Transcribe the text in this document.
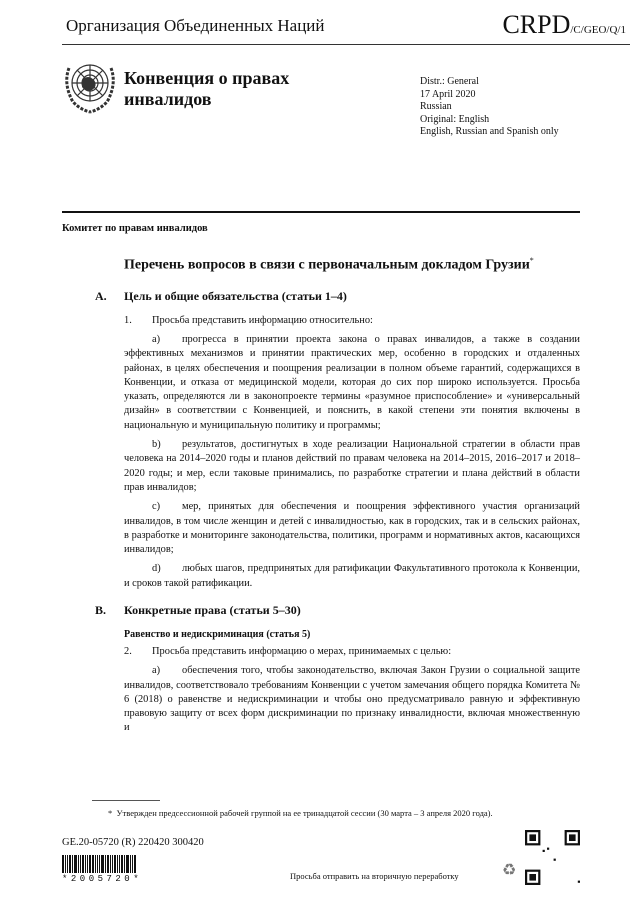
Организация Объединенных Наций	CRPD/C/GEO/Q/1
Конвенция о правах инвалидов
Distr.: General
17 April 2020
Russian
Original: English
English, Russian and Spanish only
Комитет по правам инвалидов
Перечень вопросов в связи с первоначальным докладом Грузии*
A. Цель и общие обязательства (статьи 1–4)
1. Просьба представить информацию относительно:
a) прогресса в принятии проекта закона о правах инвалидов, а также в создании эффективных механизмов и принятии практических мер, особенно в городских и отдаленных районах, в целях обеспечения и поощрения реализации в полном объеме гарантий, содержащихся в Конвенции, и отказа от медицинской модели, которая до сих пор широко используется. Просьба указать, определяются ли в законопроекте термины «разумное приспособление» и «универсальный дизайн» в соответствии с Конвенцией, и пояснить, в какой степени эти понятия включены в национальную и муниципальную политику и программы;
b) результатов, достигнутых в ходе реализации Национальной стратегии в области прав человека на 2014–2020 годы и планов действий по правам человека на 2014–2015, 2016–2017 и 2018–2020 годы; и мер, если таковые принимались, по разработке стратегии и плана действий в области прав инвалидов;
c) мер, принятых для обеспечения и поощрения эффективного участия организаций инвалидов, в том числе женщин и детей с инвалидностью, как в городских, так и в сельских районах, в разработке и мониторинге законодательства, политики, программ и нормативных актов, касающихся инвалидов;
d) любых шагов, предпринятых для ратификации Факультативного протокола к Конвенции, и сроков такой ратификации.
B. Конкретные права (статьи 5–30)
Равенство и недискриминация (статья 5)
2. Просьба представить информацию о мерах, принимаемых с целью:
a) обеспечения того, чтобы законодательство, включая Закон Грузии о социальной защите инвалидов, соответствовало требованиям Конвенции с учетом замечания общего порядка Комитета № 6 (2018) о равенстве и недискриминации и чтобы оно предусматривало равную и эффективную правовую защиту от всех форм дискриминации по признаку инвалидности, включая множественную и
* Утвержден предсессионной рабочей группой на ее тринадцатой сессии (30 марта – 3 апреля 2020 года).
GE.20-05720 (R) 220420 300420
*2005720*	Просьба отправить на вторичную переработку	♻
